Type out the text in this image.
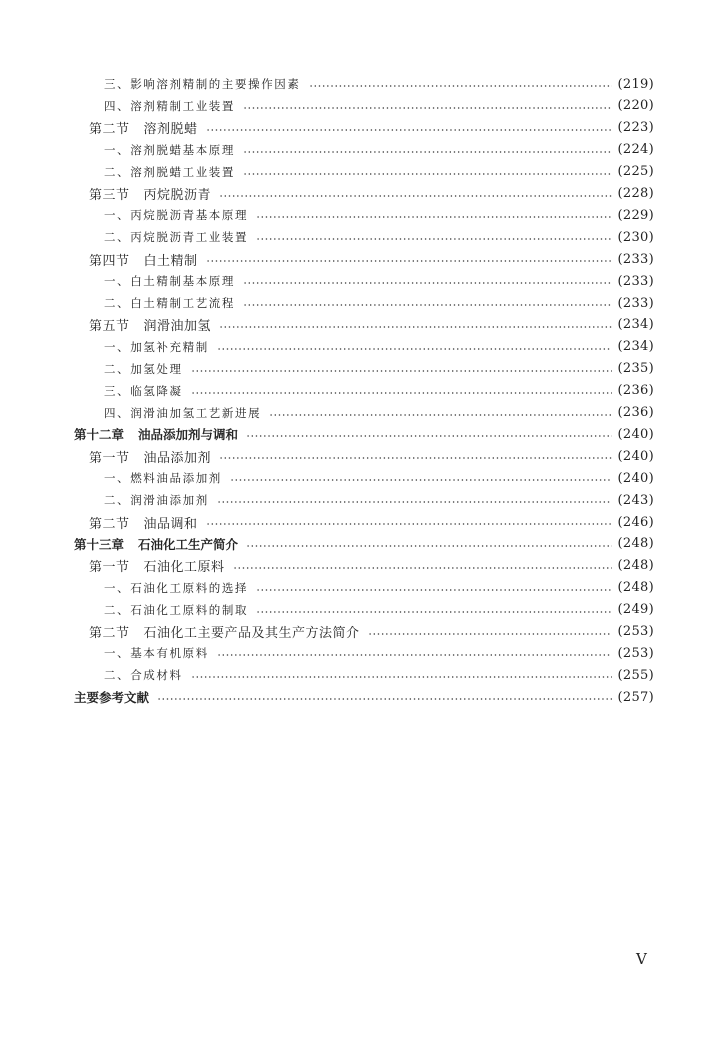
三、影响溶剂精制的主要操作因素	(219)
四、溶剂精制工业装置	(220)
第二节 溶剂脱蜡	(223)
一、溶剂脱蜡基本原理	(224)
二、溶剂脱蜡工业装置	(225)
第三节 丙烷脱沥青	(228)
一、丙烷脱沥青基本原理	(229)
二、丙烷脱沥青工业装置	(230)
第四节 白土精制	(233)
一、白土精制基本原理	(233)
二、白土精制工艺流程	(233)
第五节 润滑油加氢	(234)
一、加氢补充精制	(234)
二、加氢处理	(235)
三、临氢降凝	(236)
四、润滑油加氢工艺新进展	(236)
第十二章 油品添加剂与调和	(240)
第一节 油品添加剂	(240)
一、燃料油品添加剂	(240)
二、润滑油添加剂	(243)
第二节 油品调和	(246)
第十三章 石油化工生产简介	(248)
第一节 石油化工原料	(248)
一、石油化工原料的选择	(248)
二、石油化工原料的制取	(249)
第二节 石油化工主要产品及其生产方法简介	(253)
一、基本有机原料	(253)
二、合成材料	(255)
主要参考文献	(257)
V
